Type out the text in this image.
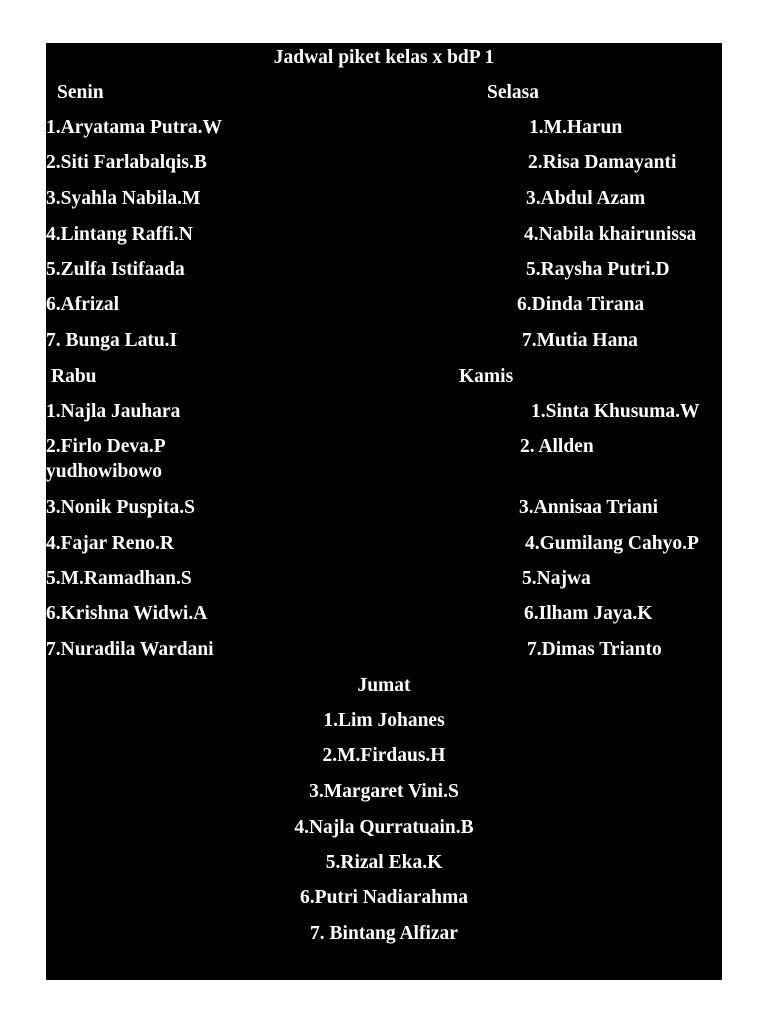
Jadwal piket kelas x bdP 1
Senin	Selasa
1.Aryatama Putra.W
2.Siti Farlabalqis.B
3.Syahla Nabila.M
4.Lintang Raffi.N
5.Zulfa Istifaada
6.Afrizal
7. Bunga Latu.I
1.M.Harun
2.Risa Damayanti
3.Abdul Azam
4.Nabila khairunissa
5.Raysha Putri.D
6.Dinda Tirana
7.Mutia Hana
Rabu	Kamis
1.Najla Jauhara
2.Firlo Deva.P
yudhowibowo
3.Nonik Puspita.S
4.Fajar Reno.R
5.M.Ramadhan.S
6.Krishna Widwi.A
7.Nuradila Wardani
1.Sinta Khusuma.W
2. Allden
3.Annisaa Triani
4.Gumilang Cahyo.P
5.Najwa
6.Ilham Jaya.K
7.Dimas Trianto
Jumat
1.Lim Johanes
2.M.Firdaus.H
3.Margaret Vini.S
4.Najla Qurratuain.B
5.Rizal Eka.K
6.Putri Nadiarahma
7. Bintang Alfizar
